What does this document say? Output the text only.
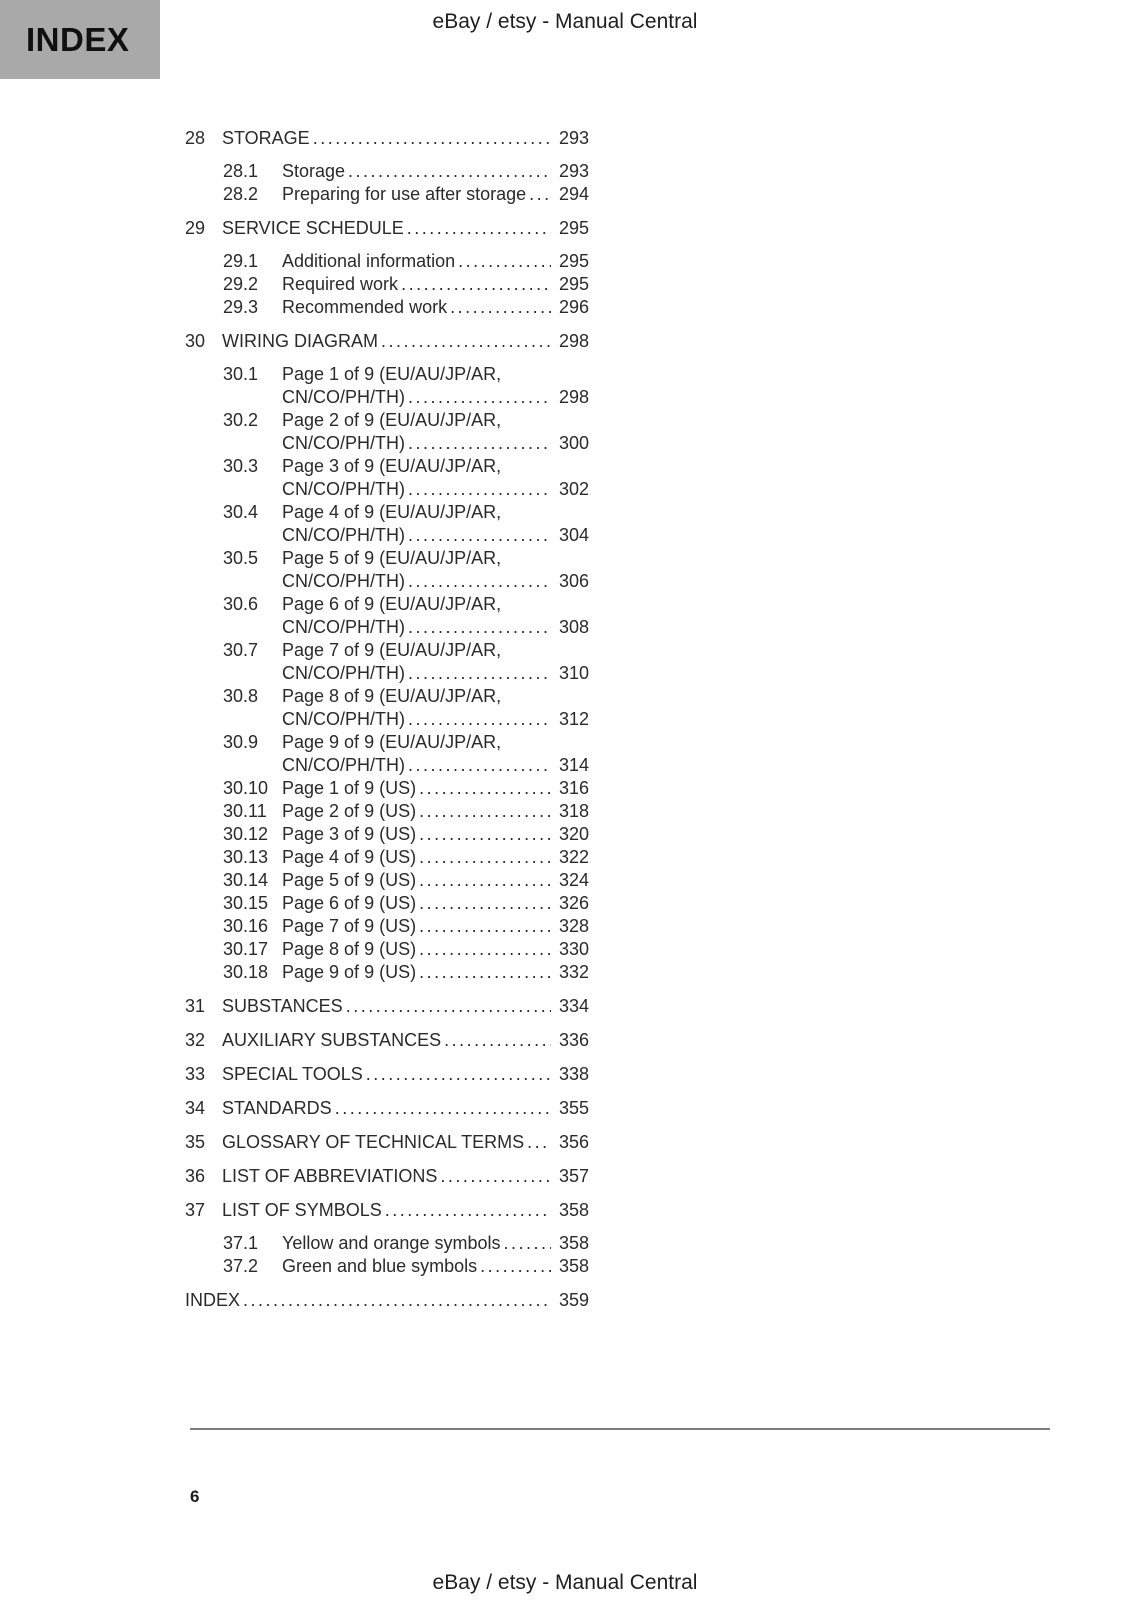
INDEX	eBay / etsy - Manual Central
28 STORAGE .....	293
28.1	Storage .....	293
28.2	Preparing for use after storage .....	294
29 SERVICE SCHEDULE .....	295
29.1	Additional information .....	295
29.2	Required work .....	295
29.3	Recommended work .....	296
30 WIRING DIAGRAM .....	298
30.1	Page 1 of 9 (EU/AU/JP/AR,
CN/CO/PH/TH) .....	298
30.2	Page 2 of 9 (EU/AU/JP/AR,
CN/CO/PH/TH) .....	300
30.3	Page 3 of 9 (EU/AU/JP/AR,
CN/CO/PH/TH) .....	302
30.4	Page 4 of 9 (EU/AU/JP/AR,
CN/CO/PH/TH) .....	304
30.5	Page 5 of 9 (EU/AU/JP/AR,
CN/CO/PH/TH) .....	306
30.6	Page 6 of 9 (EU/AU/JP/AR,
CN/CO/PH/TH) .....	308
30.7	Page 7 of 9 (EU/AU/JP/AR,
CN/CO/PH/TH) .....	310
30.8	Page 8 of 9 (EU/AU/JP/AR,
CN/CO/PH/TH) .....	312
30.9	Page 9 of 9 (EU/AU/JP/AR,
CN/CO/PH/TH) .....	314
30.10 Page 1 of 9 (US) .....	316
30.11 Page 2 of 9 (US) .....	318
30.12 Page 3 of 9 (US) .....	320
30.13 Page 4 of 9 (US) .....	322
30.14 Page 5 of 9 (US) .....	324
30.15 Page 6 of 9 (US) .....	326
30.16 Page 7 of 9 (US) .....	328
30.17 Page 8 of 9 (US) .....	330
30.18 Page 9 of 9 (US) .....	332
31 SUBSTANCES .....	334
32 AUXILIARY SUBSTANCES .....	336
33 SPECIAL TOOLS .....	338
34 STANDARDS .....	355
35 GLOSSARY OF TECHNICAL TERMS .....	356
36 LIST OF ABBREVIATIONS .....	357
37 LIST OF SYMBOLS .....	358
37.1	Yellow and orange symbols .....	358
37.2	Green and blue symbols .....	358
INDEX .....	359
6
eBay / etsy - Manual Central
